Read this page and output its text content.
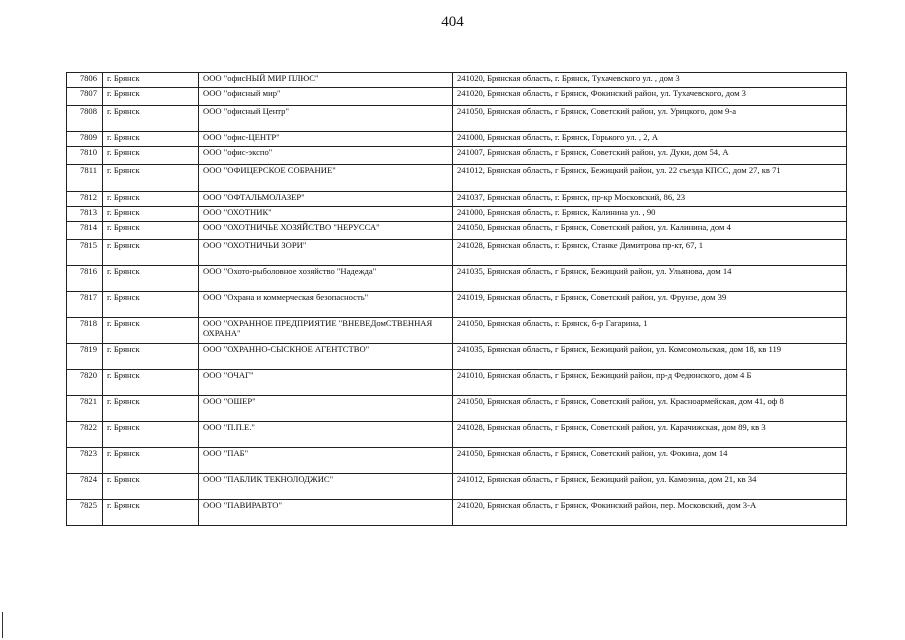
404
7806	г. Брянск	ООО "офисНЫЙ МИР ПЛЮС"	241020, Брянская область, г. Брянск, Тухачевского ул. , дом 3
7807	г. Брянск	ООО "офисный мир"	241020, Брянская область, г Брянск, Фокинский район, ул. Тухачевского, дом 3
7808	г. Брянск	ООО "офисный Центр"	241050, Брянская область, г Брянск, Советский район, ул. Урицкого, дом 9-а
7809	г. Брянск	ООО "офис-ЦЕНТР"	241000, Брянская область, г. Брянск, Горького ул. , 2, А
7810	г. Брянск	ООО "офис-экспо"	241007, Брянская область, г Брянск, Советский район, ул. Дуки, дом 54, А
7811	г. Брянск	ООО "ОФИЦЕРСКОЕ СОБРАНИЕ"	241012, Брянская область, г Брянск, Бежицкий район, ул. 22 съезда КПСС, дом 27, кв 71
7812	г. Брянск	ООО "ОФТАЛЬМОЛАЗЕР"	241037, Брянская область, г. Брянск, пр-кр Московский, 86, 23
7813	г. Брянск	ООО "ОХОТНИК"	241000, Брянская область, г. Брянск, Калинина ул. , 90
7814	г. Брянск	ООО "ОХОТНИЧЬЕ ХОЗЯЙСТВО "НЕРУССА"	241050, Брянская область, г Брянск, Советский район, ул. Калинина, дом 4
7815	г. Брянск	ООО "ОХОТНИЧЬИ ЗОРИ"	241028, Брянская область, г. Брянск, Станке Димитрова пр-кт, 67, 1
7816	г. Брянск	ООО "Охото-рыболовное хозяйство "Надежда"	241035, Брянская область, г Брянск, Бежицкий район, ул. Ульянова, дом 14
7817	г. Брянск	ООО "Охрана и коммерческая безопасность"	241019, Брянская область, г Брянск, Советский район, ул. Фрунзе, дом 39
7818	г. Брянск	ООО "ОХРАННОЕ ПРЕДПРИЯТИЕ "ВНЕВЕДомСТВЕННАЯ ОХРАНА"	241050, Брянская область, г. Брянск, б-р Гагарина, 1
7819	г. Брянск	ООО "ОХРАННО-СЫСКНОЕ АГЕНТСТВО"	241035, Брянская область, г Брянск, Бежицкий район, ул. Комсомольская, дом 18, кв 119
7820	г. Брянск	ООО "ОЧАГ"	241010, Брянская область, г Брянск, Бежицкий район, пр-д Федюнского, дом 4 Б
7821	г. Брянск	ООО "ОШЕР"	241050, Брянская область, г Брянск, Советский район, ул. Красноармейская, дом 41, оф 8
7822	г. Брянск	ООО "П.П.Е."	241028, Брянская область, г Брянск, Советский район, ул. Карачижская, дом 89, кв 3
7823	г. Брянск	ООО "ПАБ"	241050, Брянская область, г Брянск, Советский район, ул. Фокина, дом 14
7824	г. Брянск	ООО "ПАБЛИК ТЕКНОЛОДЖИС"	241012, Брянская область, г Брянск, Бежицкий район, ул. Камозина, дом 21, кв 34
7825	г. Брянск	ООО "ПАВИРАВТО"	241020, Брянская область, г Брянск, Фокинский район, пер. Московский, дом 3-А
